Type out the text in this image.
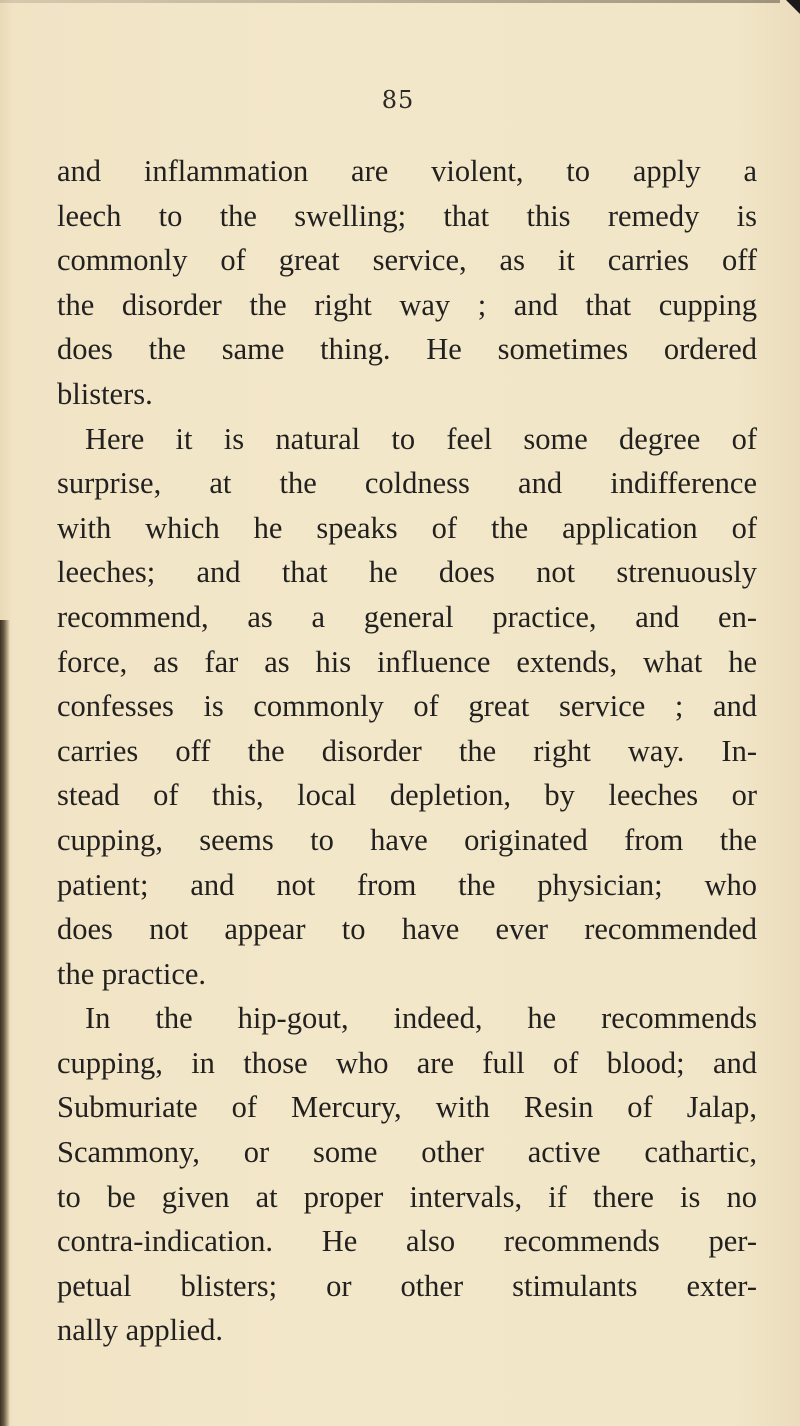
85
and inflammation are violent, to apply a
leech to the swelling; that this remedy is
commonly of great service, as it carries off
the disorder the right way ; and that cupping
does the same thing. He sometimes ordered
blisters.
Here it is natural to feel some degree of
surprise, at the coldness and indifference
with which he speaks of the application of
leeches; and that he does not strenuously
recommend, as a general practice, and en-
force, as far as his influence extends, what he
confesses is commonly of great service ; and
carries off the disorder the right way. In-
stead of this, local depletion, by leeches or
cupping, seems to have originated from the
patient; and not from the physician; who
does not appear to have ever recommended
the practice.
In the hip-gout, indeed, he recommends
cupping, in those who are full of blood; and
Submuriate of Mercury, with Resin of Jalap,
Scammony, or some other active cathartic,
to be given at proper intervals, if there is no
contra-indication. He also recommends per-
petual blisters; or other stimulants exter-
nally applied.
